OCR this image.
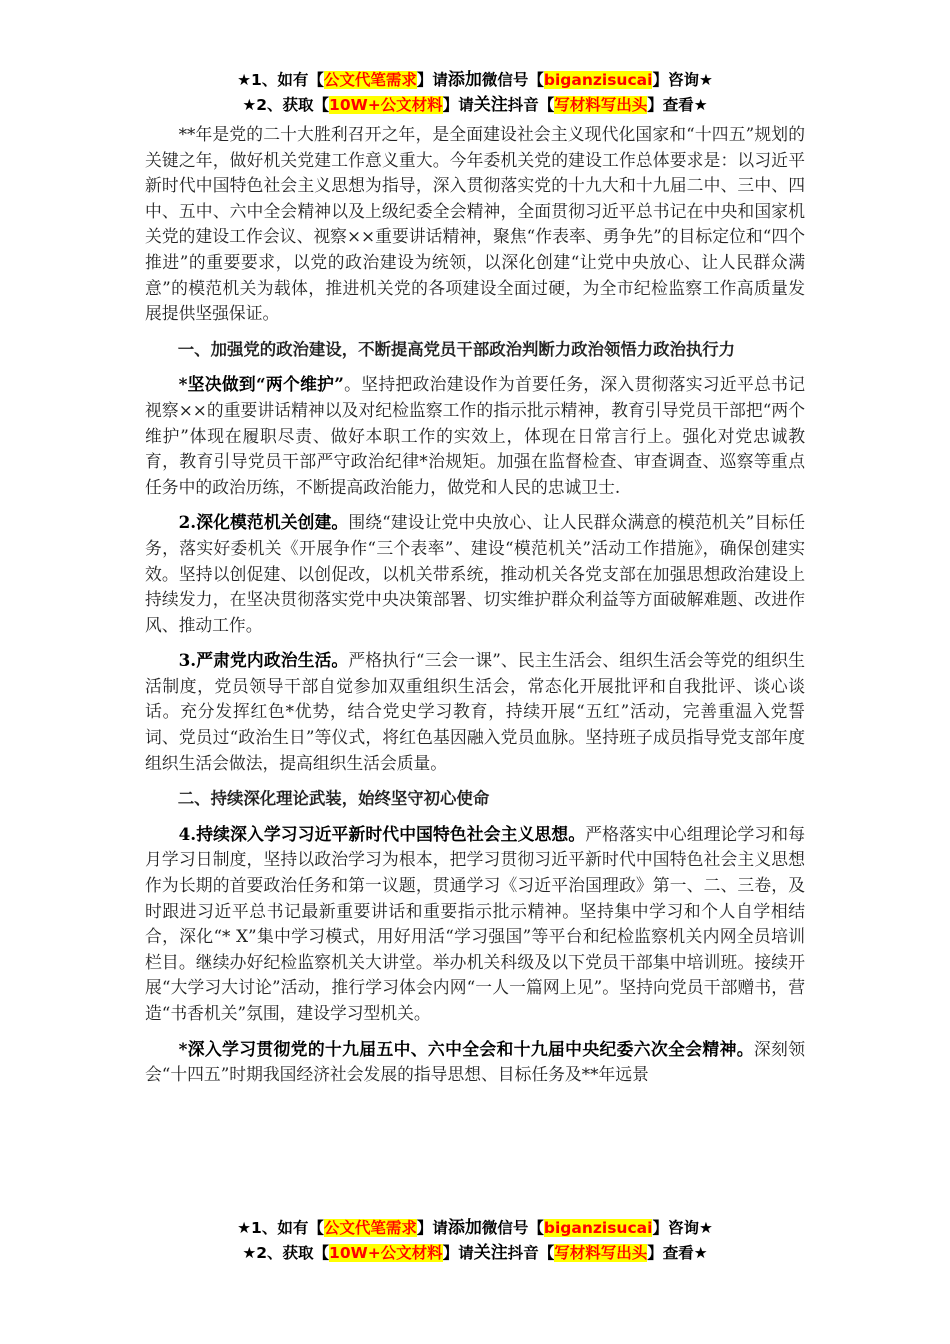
★1、如有【公文代笔需求】请添加微信号【biganzisucai】咨询★
★2、获取【10W+公文材料】请关注抖音【写材料写出头】查看★

**年是党的二十大胜利召开之年，是全面建设社会主义现代化国家和“十四五”规划的关键之年，做好机关党建工作意义重大。今年委机关党的建设工作总体要求是：以习近平新时代中国特色社会主义思想为指导，深入贯彻落实党的十九大和十九届二中、三中、四中、五中、六中全会精神以及上级纪委全会精神，全面贯彻习近平总书记在中央和国家机关党的建设工作会议、视察××重要讲话精神，聚焦“作表率、勇争先”的目标定位和“四个推进”的重要要求，以党的政治建设为统领，以深化创建“让党中央放心、让人民群众满意”的模范机关为载体，推进机关党的各项建设全面过硬，为全市纪检监察工作高质量发展提供坚强保证。

一、加强党的政治建设，不断提高党员干部政治判断力政治领悟力政治执行力

*坚决做到“两个维护”。坚持把政治建设作为首要任务，深入贯彻落实习近平总书记视察××的重要讲话精神以及对纪检监察工作的指示批示精神，教育引导党员干部把“两个维护”体现在履职尽责、做好本职工作的实效上，体现在日常言行上。强化对党忠诚教育，教育引导党员干部严守政治纪律*治规矩。加强在监督检查、审查调查、巡察等重点任务中的政治历练，不断提高政治能力，做党和人民的忠诚卫士.

2.深化模范机关创建。围绕“建设让党中央放心、让人民群众满意的模范机关”目标任务，落实好委机关《开展争作“三个表率”、建设“模范机关”活动工作措施》，确保创建实效。坚持以创促建、以创促改，以机关带系统，推动机关各党支部在加强思想政治建设上持续发力，在坚决贯彻落实党中央决策部署、切实维护群众利益等方面破解难题、改进作风、推动工作。

3.严肃党内政治生活。严格执行“三会一课”、民主生活会、组织生活会等党的组织生活制度，党员领导干部自觉参加双重组织生活会，常态化开展批评和自我批评、谈心谈话。充分发挥红色*优势，结合党史学习教育，持续开展“五红”活动，完善重温入党誓词、党员过“政治生日”等仪式，将红色基因融入党员血脉。坚持班子成员指导党支部年度组织生活会做法，提高组织生活会质量。

二、持续深化理论武装，始终坚守初心使命

4.持续深入学习习近平新时代中国特色社会主义思想。严格落实中心组理论学习和每月学习日制度，坚持以政治学习为根本，把学习贯彻习近平新时代中国特色社会主义思想作为长期的首要政治任务和第一议题，贯通学习《习近平治国理政》第一、二、三卷，及时跟进习近平总书记最新重要讲话和重要指示批示精神。坚持集中学习和个人自学相结合，深化“* X”集中学习模式，用好用活“学习强国”等平台和纪检监察机关内网全员培训栏目。继续办好纪检监察机关大讲堂。举办机关科级及以下党员干部集中培训班。接续开展“大学习大讨论”活动，推行学习体会内网“一人一篇网上见”。坚持向党员干部赠书，营造“书香机关”氛围，建设学习型机关。

*深入学习贯彻党的十九届五中、六中全会和十九届中央纪委六次全会精神。深刻领会“十四五”时期我国经济社会发展的指导思想、目标任务及**年远景

★1、如有【公文代笔需求】请添加微信号【biganzisucai】咨询★
★2、获取【10W+公文材料】请关注抖音【写材料写出头】查看★
